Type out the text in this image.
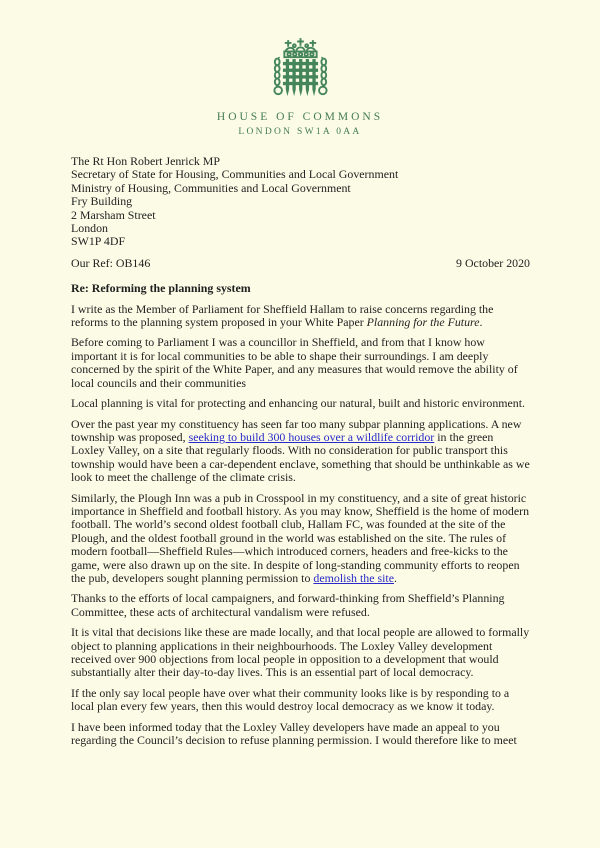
HOUSE OF COMMONS
LONDON SW1A 0AA
The Rt Hon Robert Jenrick MP
Secretary of State for Housing, Communities and Local Government
Ministry of Housing, Communities and Local Government
Fry Building
2 Marsham Street
London
SW1P 4DF
Our Ref: OB146	9 October 2020
Re: Reforming the planning system

I write as the Member of Parliament for Sheffield Hallam to raise concerns regarding the reforms to the planning system proposed in your White Paper Planning for the Future.

Before coming to Parliament I was a councillor in Sheffield, and from that I know how important it is for local communities to be able to shape their surroundings. I am deeply concerned by the spirit of the White Paper, and any measures that would remove the ability of local councils and their communities

Local planning is vital for protecting and enhancing our natural, built and historic environment.

Over the past year my constituency has seen far too many subpar planning applications. A new township was proposed, seeking to build 300 houses over a wildlife corridor in the green Loxley Valley, on a site that regularly floods. With no consideration for public transport this township would have been a car-dependent enclave, something that should be unthinkable as we look to meet the challenge of the climate crisis.

Similarly, the Plough Inn was a pub in Crosspool in my constituency, and a site of great historic importance in Sheffield and football history. As you may know, Sheffield is the home of modern football. The world’s second oldest football club, Hallam FC, was founded at the site of the Plough, and the oldest football ground in the world was established on the site. The rules of modern football—Sheffield Rules—which introduced corners, headers and free-kicks to the game, were also drawn up on the site. In despite of long-standing community efforts to reopen the pub, developers sought planning permission to demolish the site.

Thanks to the efforts of local campaigners, and forward-thinking from Sheffield’s Planning Committee, these acts of architectural vandalism were refused.

It is vital that decisions like these are made locally, and that local people are allowed to formally object to planning applications in their neighbourhoods. The Loxley Valley development received over 900 objections from local people in opposition to a development that would substantially alter their day-to-day lives. This is an essential part of local democracy.

If the only say local people have over what their community looks like is by responding to a local plan every few years, then this would destroy local democracy as we know it today.

I have been informed today that the Loxley Valley developers have made an appeal to you regarding the Council’s decision to refuse planning permission. I would therefore like to meet
